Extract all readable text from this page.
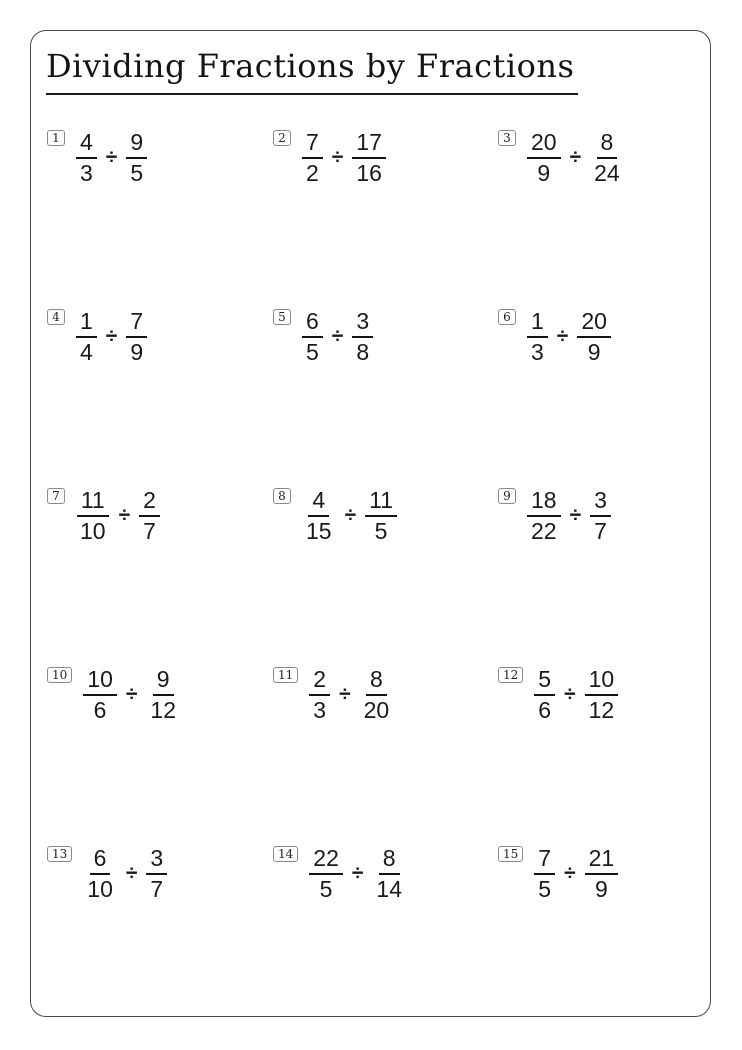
Dividing Fractions by Fractions
$1 \frac{4}{3} \div \frac{9}{5}$	$2 \frac{7}{2} \div \frac{17}{16}$	$3 \frac{20}{9} \div \frac{8}{24}$
$4 \frac{1}{4} \div \frac{7}{9}$	$5 \frac{6}{5} \div \frac{3}{8}$	$6 \frac{1}{3} \div \frac{20}{9}$
$7 \frac{11}{10} \div \frac{2}{7}$	$8 \frac{4}{15} \div \frac{11}{5}$	$9 \frac{18}{22} \div \frac{3}{7}$
$10 \frac{10}{6} \div \frac{9}{12}$	$11 \frac{2}{3} \div \frac{8}{20}$	$12 \frac{5}{6} \div \frac{10}{12}$
$13 \frac{6}{10} \div \frac{3}{7}$	$14 \frac{22}{5} \div \frac{8}{14}$	$15 \frac{7}{5} \div \frac{21}{9}$
